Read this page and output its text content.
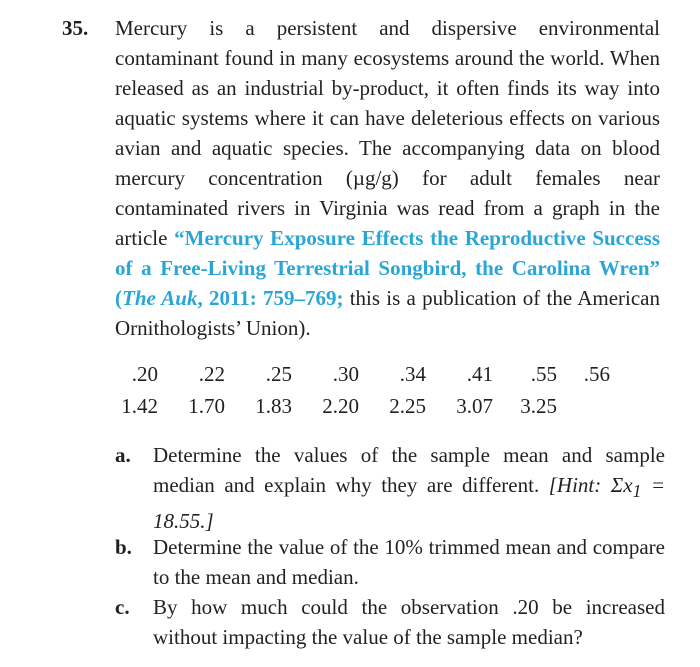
35. Mercury is a persistent and dispersive environmental contaminant found in many ecosystems around the world. When released as an industrial by-product, it often finds its way into aquatic systems where it can have deleterious effects on various avian and aquatic species. The accompanying data on blood mercury concentration (µg/g) for adult females near contaminated rivers in Virginia was read from a graph in the article “Mercury Exposure Effects the Reproductive Success of a Free-Living Terrestrial Songbird, the Carolina Wren” (The Auk, 2011: 759–769; this is a publication of the American Ornithologists’ Union).
.20	.22	.25	.30	.34	.41	.55	.56
1.42	1.70	1.83	2.20	2.25	3.07	3.25
a. Determine the values of the sample mean and sample median and explain why they are different. [Hint: $\Sigma x_1 = 18.55$.]
b. Determine the value of the 10% trimmed mean and compare to the mean and median.
c. By how much could the observation .20 be increased without impacting the value of the sample median?
